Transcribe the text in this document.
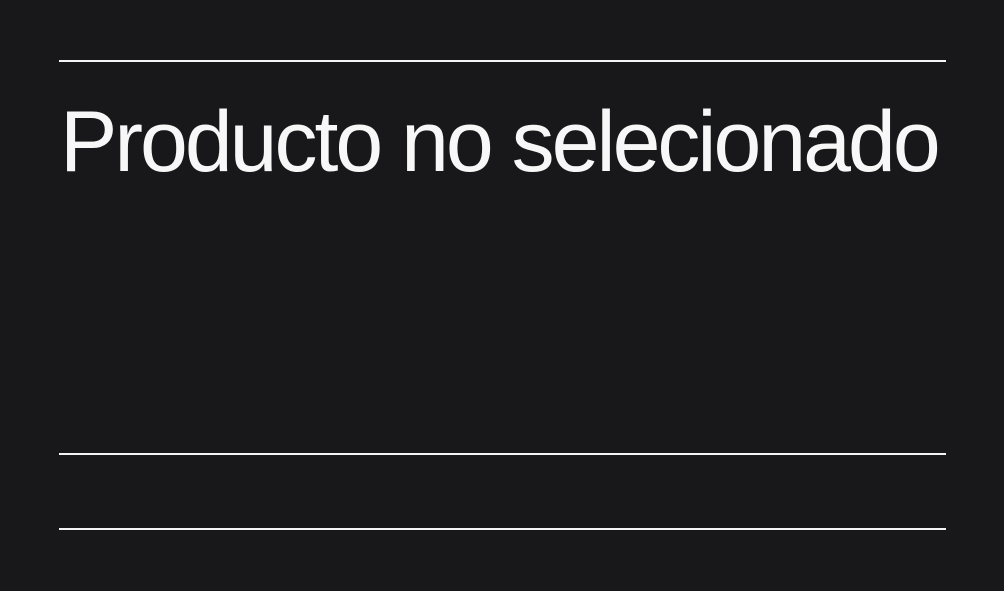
Producto no selecionado
